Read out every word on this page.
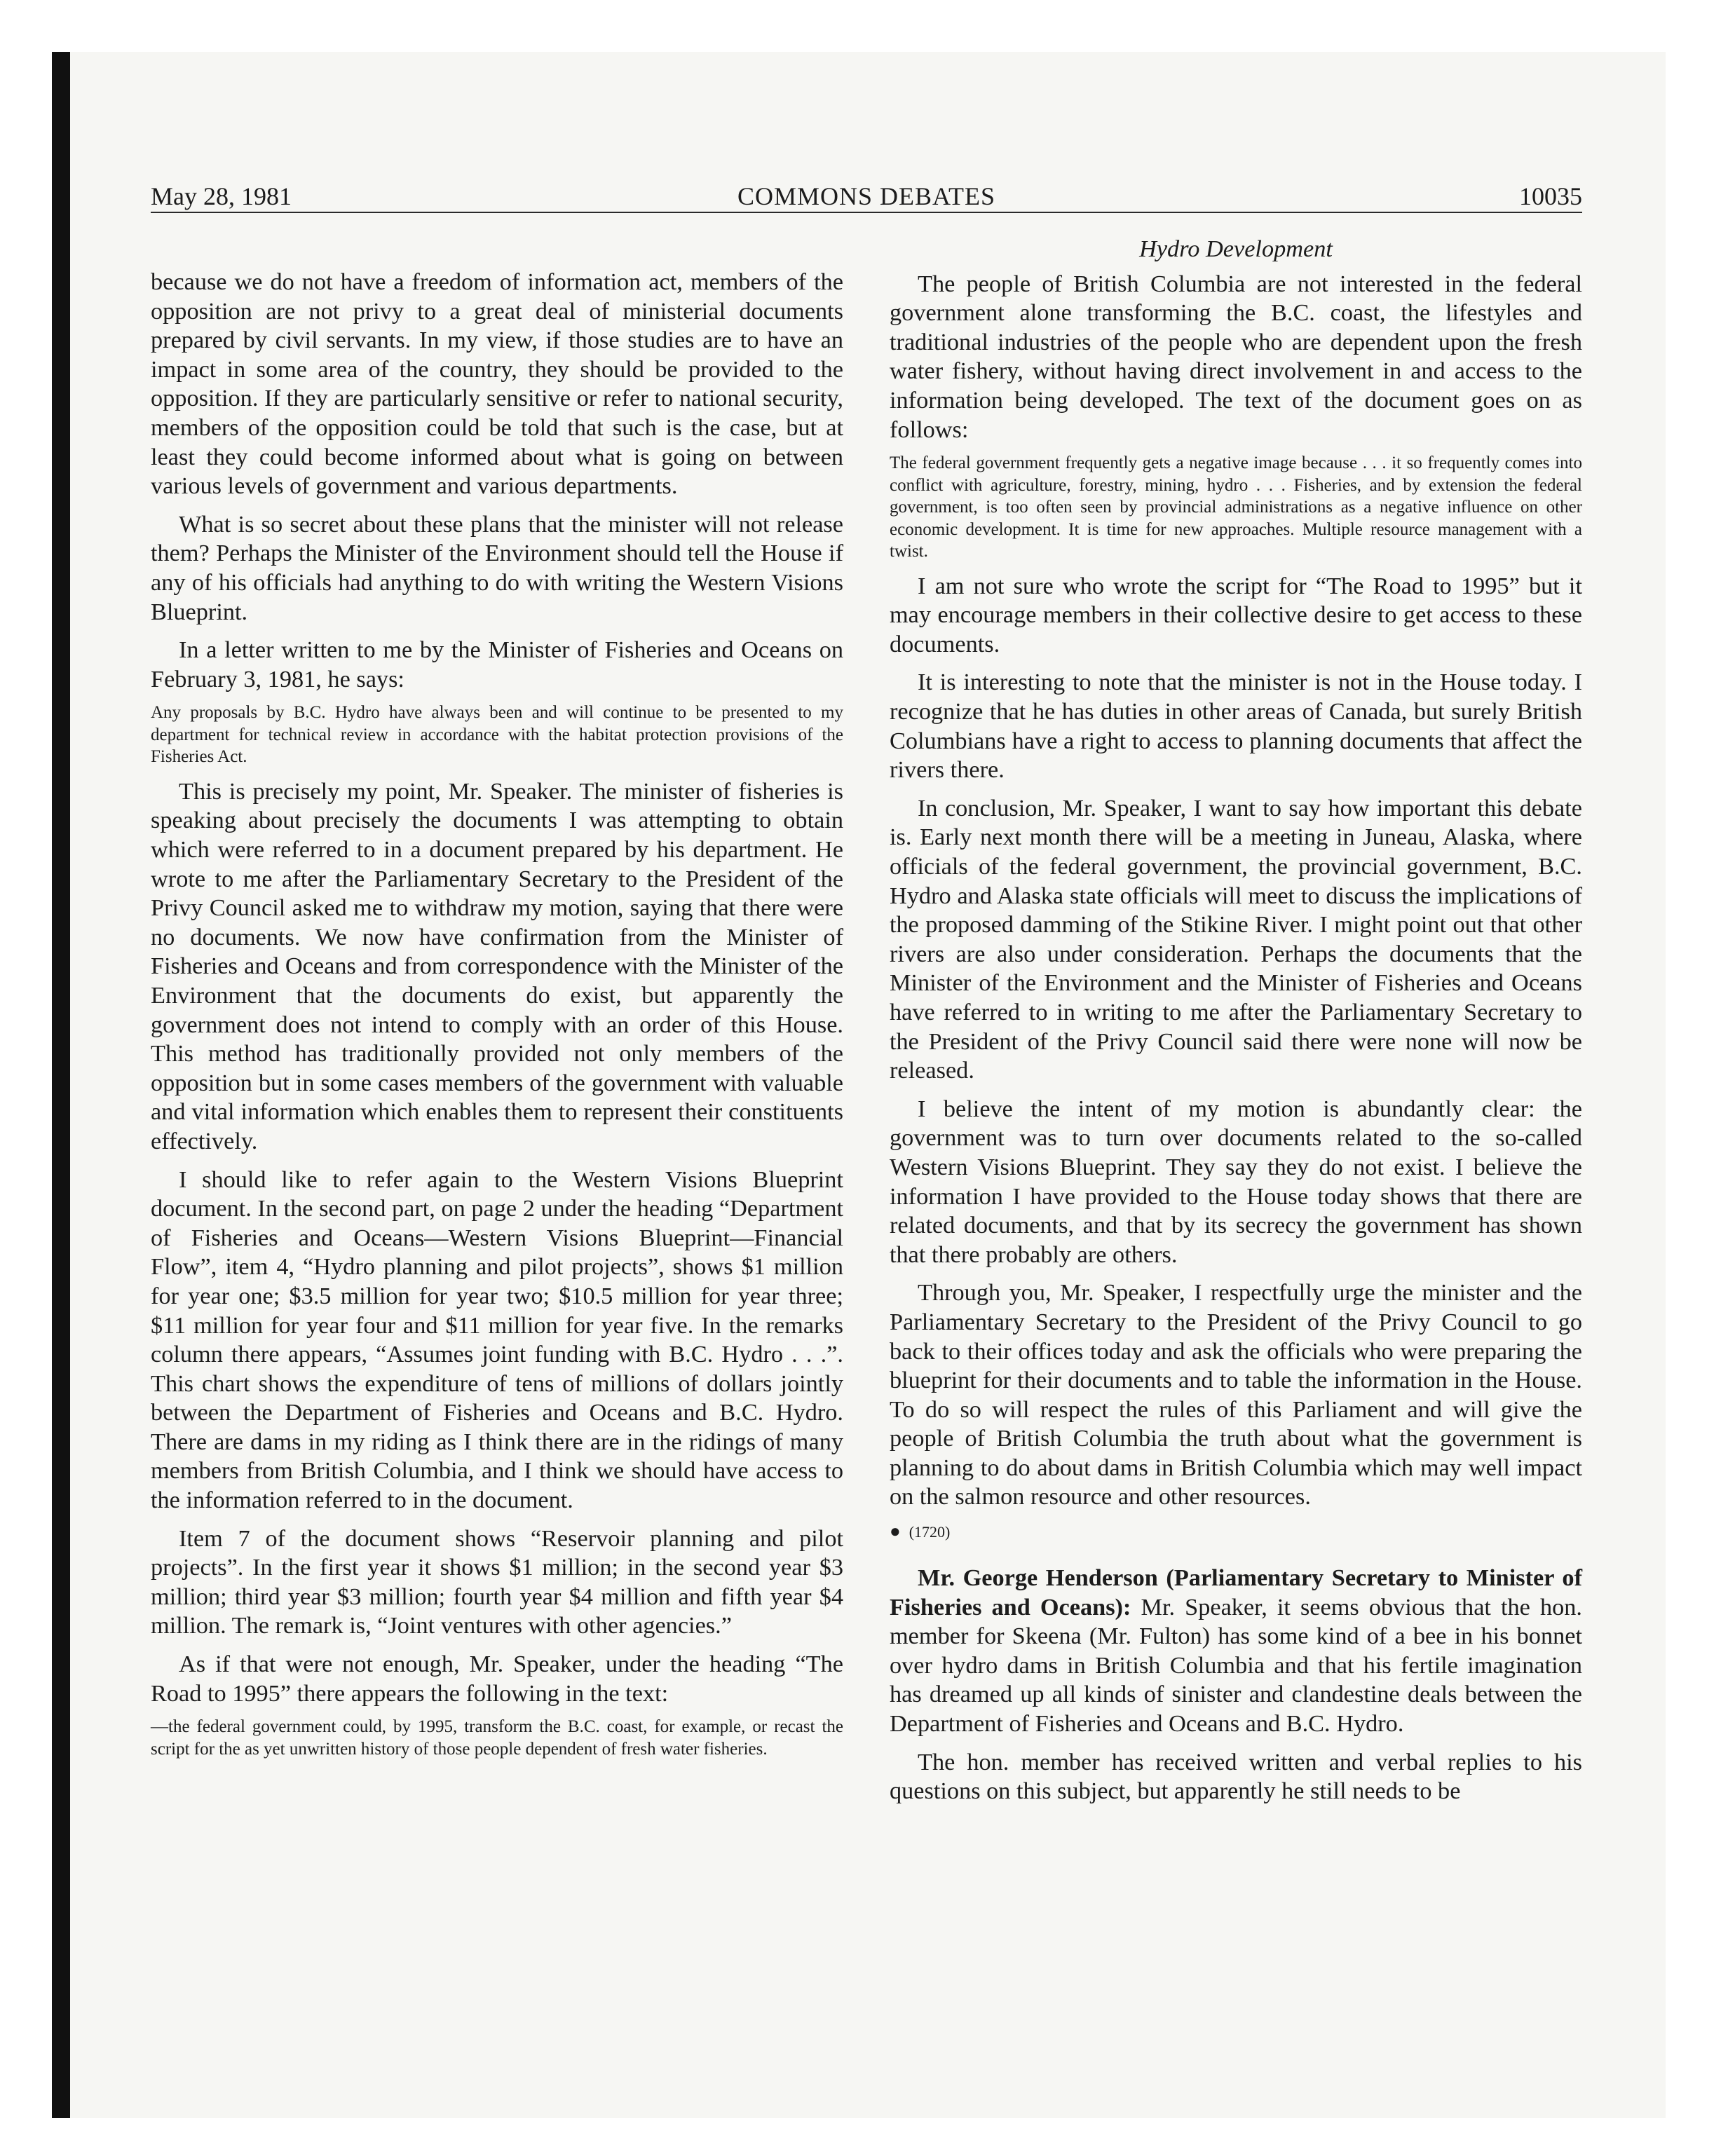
May 28, 1981	COMMONS DEBATES	10035

because we do not have a freedom of information act, members of the opposition are not privy to a great deal of ministerial documents prepared by civil servants. In my view, if those studies are to have an impact in some area of the country, they should be provided to the opposition. If they are particularly sensitive or refer to national security, members of the opposition could be told that such is the case, but at least they could become informed about what is going on between various levels of government and various departments.

What is so secret about these plans that the minister will not release them? Perhaps the Minister of the Environment should tell the House if any of his officials had anything to do with writing the Western Visions Blueprint.

In a letter written to me by the Minister of Fisheries and Oceans on February 3, 1981, he says:

Any proposals by B.C. Hydro have always been and will continue to be presented to my department for technical review in accordance with the habitat protection provisions of the Fisheries Act.

This is precisely my point, Mr. Speaker. The minister of fisheries is speaking about precisely the documents I was attempting to obtain which were referred to in a document prepared by his department. He wrote to me after the Parliamentary Secretary to the President of the Privy Council asked me to withdraw my motion, saying that there were no documents. We now have confirmation from the Minister of Fisheries and Oceans and from correspondence with the Minister of the Environment that the documents do exist, but apparently the government does not intend to comply with an order of this House. This method has traditionally provided not only members of the opposition but in some cases members of the government with valuable and vital information which enables them to represent their constituents effectively.

I should like to refer again to the Western Visions Blueprint document. In the second part, on page 2 under the heading “Department of Fisheries and Oceans—Western Visions Blueprint—Financial Flow”, item 4, “Hydro planning and pilot projects”, shows $1 million for year one; $3.5 million for year two; $10.5 million for year three; $11 million for year four and $11 million for year five. In the remarks column there appears, “Assumes joint funding with B.C. Hydro . . .”. This chart shows the expenditure of tens of millions of dollars jointly between the Department of Fisheries and Oceans and B.C. Hydro. There are dams in my riding as I think there are in the ridings of many members from British Columbia, and I think we should have access to the information referred to in the document.

Item 7 of the document shows “Reservoir planning and pilot projects”. In the first year it shows $1 million; in the second year $3 million; third year $3 million; fourth year $4 million and fifth year $4 million. The remark is, “Joint ventures with other agencies.”

As if that were not enough, Mr. Speaker, under the heading “The Road to 1995” there appears the following in the text:

—the federal government could, by 1995, transform the B.C. coast, for example, or recast the script for the as yet unwritten history of those people dependent of fresh water fisheries.
Hydro Development

The people of British Columbia are not interested in the federal government alone transforming the B.C. coast, the lifestyles and traditional industries of the people who are dependent upon the fresh water fishery, without having direct involvement in and access to the information being developed. The text of the document goes on as follows:

The federal government frequently gets a negative image because . . . it so frequently comes into conflict with agriculture, forestry, mining, hydro . . . Fisheries, and by extension the federal government, is too often seen by provincial administrations as a negative influence on other economic development. It is time for new approaches. Multiple resource management with a twist.

I am not sure who wrote the script for “The Road to 1995” but it may encourage members in their collective desire to get access to these documents.

It is interesting to note that the minister is not in the House today. I recognize that he has duties in other areas of Canada, but surely British Columbians have a right to access to planning documents that affect the rivers there.

In conclusion, Mr. Speaker, I want to say how important this debate is. Early next month there will be a meeting in Juneau, Alaska, where officials of the federal government, the provincial government, B.C. Hydro and Alaska state officials will meet to discuss the implications of the proposed damming of the Stikine River. I might point out that other rivers are also under consideration. Perhaps the documents that the Minister of the Environment and the Minister of Fisheries and Oceans have referred to in writing to me after the Parliamentary Secretary to the President of the Privy Council said there were none will now be released.

I believe the intent of my motion is abundantly clear: the government was to turn over documents related to the so-called Western Visions Blueprint. They say they do not exist. I believe the information I have provided to the House today shows that there are related documents, and that by its secrecy the government has shown that there probably are others.

Through you, Mr. Speaker, I respectfully urge the minister and the Parliamentary Secretary to the President of the Privy Council to go back to their offices today and ask the officials who were preparing the blueprint for their documents and to table the information in the House. To do so will respect the rules of this Parliament and will give the people of British Columbia the truth about what the government is planning to do about dams in British Columbia which may well impact on the salmon resource and other resources.

● (1720)

Mr. George Henderson (Parliamentary Secretary to Minister of Fisheries and Oceans): Mr. Speaker, it seems obvious that the hon. member for Skeena (Mr. Fulton) has some kind of a bee in his bonnet over hydro dams in British Columbia and that his fertile imagination has dreamed up all kinds of sinister and clandestine deals between the Department of Fisheries and Oceans and B.C. Hydro.

The hon. member has received written and verbal replies to his questions on this subject, but apparently he still needs to be
